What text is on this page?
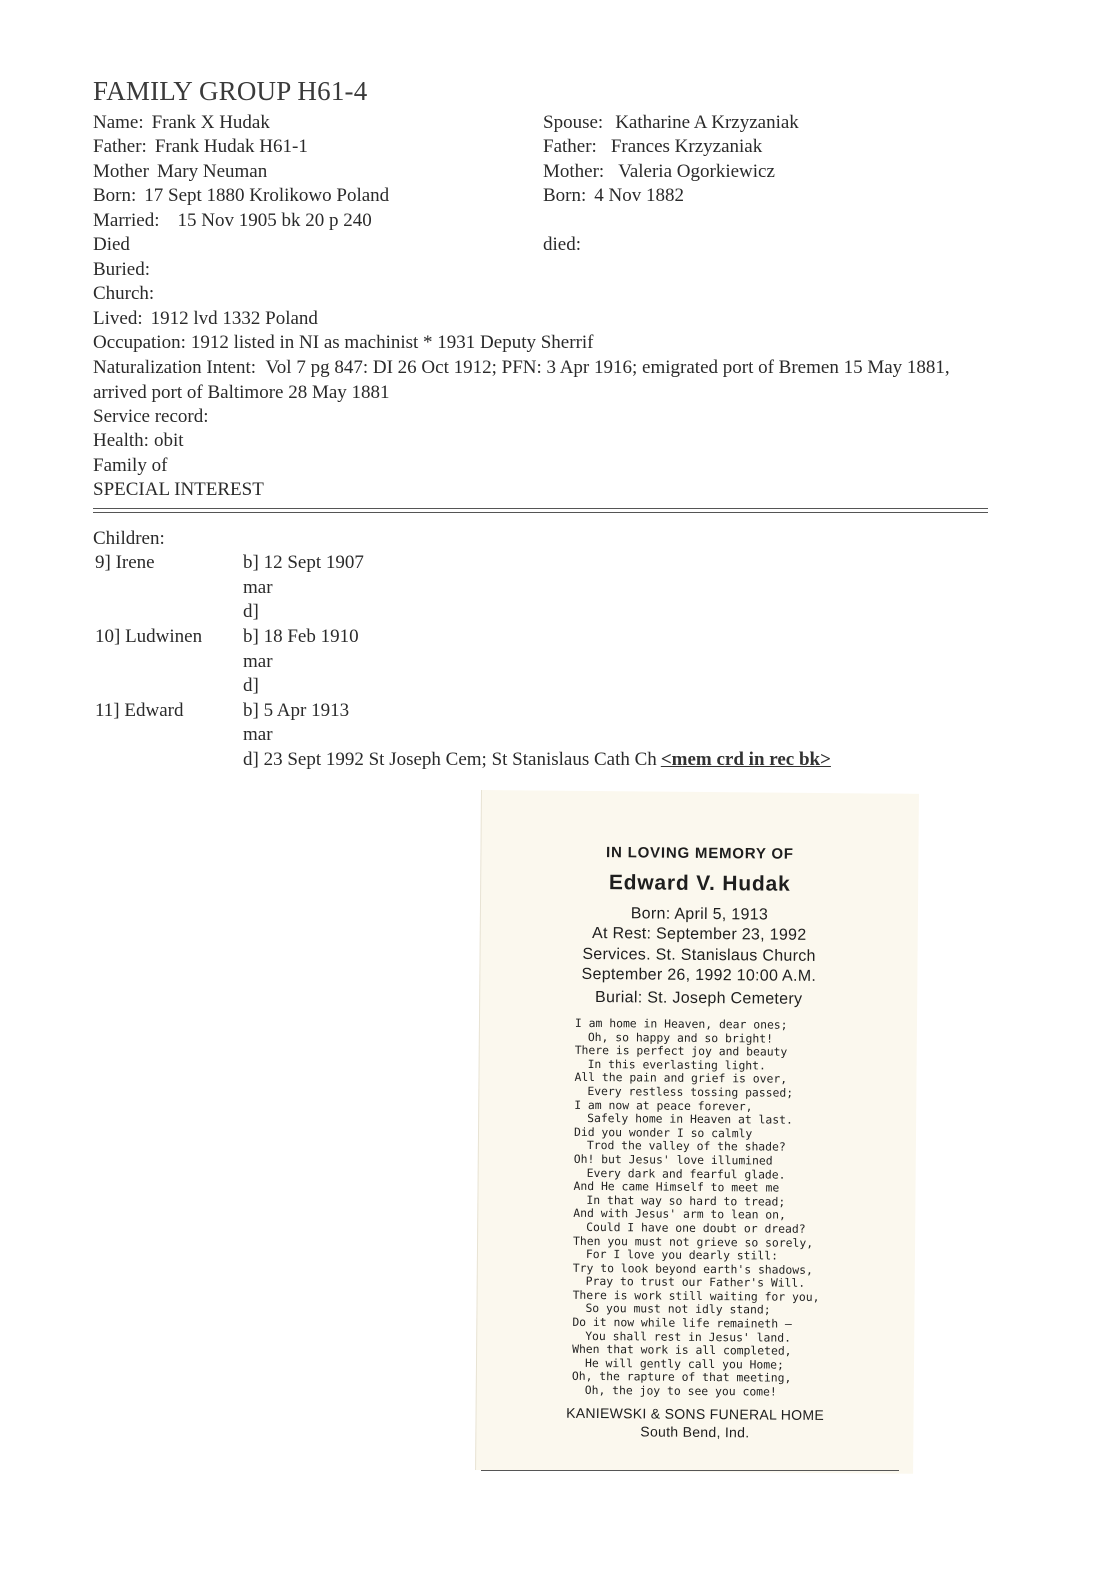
FAMILY GROUP H61-4
Name: Frank X Hudak
Father: Frank Hudak H61-1
Mother Mary Neuman
Born: 17 Sept 1880 Krolikowo Poland
Married: 15 Nov 1905 bk 20 p 240
Died
Buried:
Church:
Lived: 1912 lvd 1332 Poland
Occupation: 1912 listed in NI as machinist * 1931 Deputy Sherrif
Naturalization Intent: Vol 7 pg 847: DI 26 Oct 1912; PFN: 3 Apr 1916; emigrated port of Bremen 15 May 1881, arrived port of Baltimore 28 May 1881
Service record:
Health: obit
Family of
SPECIAL INTEREST
Spouse: Katharine A Krzyzaniak
Father: Frances Krzyzaniak
Mother: Valeria Ogorkiewicz
Born: 4 Nov 1882
died:
Children:
9] Irene	b] 12 Sept 1907
mar
d]
10] Ludwinen b] 18 Feb 1910
mar
d]
11] Edward	b] 5 Apr 1913
mar
d] 23 Sept 1992 St Joseph Cem; St Stanislaus Cath Ch <mem crd in rec bk>
IN LOVING MEMORY OF
Edward V. Hudak
Born: April 5, 1913
At Rest: September 23, 1992
Services. St. Stanislaus Church
September 26, 1992 10:00 A.M.
Burial: St. Joseph Cemetery
I am home in Heaven, dear ones;
Oh, so happy and so bright!
There is perfect joy and beauty
In this everlasting light.
All the pain and grief is over,
Every restless tossing passed;
I am now at peace forever,
Safely home in Heaven at last.
Did you wonder I so calmly
Trod the valley of the shade?
Oh! but Jesus' love illumined
Every dark and fearful glade.
And He came Himself to meet me
In that way so hard to tread;
And with Jesus' arm to lean on,
Could I have one doubt or dread?
Then you must not grieve so sorely,
For I love you dearly still:
Try to look beyond earth's shadows,
Pray to trust our Father's Will.
There is work still waiting for you,
So you must not idly stand;
Do it now while life remaineth —
You shall rest in Jesus' land.
When that work is all completed,
He will gently call you Home;
Oh, the rapture of that meeting,
Oh, the joy to see you come!
KANIEWSKI & SONS FUNERAL HOME
South Bend, Ind.
